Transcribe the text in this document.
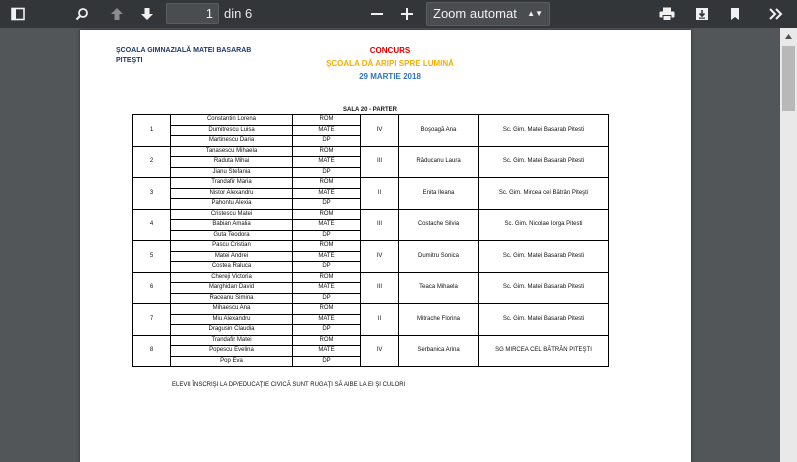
1 din 6	Zoom automat ▲▼
ŞCOALA GIMNAZIALĂ MATEI BASARAB
PITEŞTI
CONCURS
ŞCOALA DĂ ARIPI SPRE LUMINĂ
29 MARTIE 2018
SALA 20 - PARTER
1	Constantin Lorena	ROM	IV	Boşoagă Ana	Sc. Gim. Matei Basarab Pitesti
	Dumitrescu Luisa	MATE			
	Martinescu Daria	DP			
2	Tanasescu Mihaela	ROM	III	Răducanu Laura	Sc. Gim. Matei Basarab Pitesti
	Raduta Mihai	MATE			
	Jianu Stefania	DP			
3	Trandafir Maria	ROM	II	Enita Ileana	Sc. Gim. Mircea cel Bătrân Piteşti
	Nistor Alexandru	MATE			
	Pahontu Alexia	DP			
4	Cristescu Matei	ROM	III	Costache Silvia	Sc. Gim. Nicolae Iorga Pitesti
	Babian Amalia	MATE			
	Guta Teodora	DP			
5	Pascu Cristian	ROM	IV	Dumitru Sonica	Sc. Gim. Matei Basarab Pitesti
	Matei Andrei	MATE			
	Costea Raluca	DP			
6	Chereji Victoria	ROM	III	Teaca Mihaela	Sc. Gim. Matei Basarab Pitesti
	Marghidan David	MATE			
	Raceanu Simina	DP			
7	Mihaescu Ana	ROM	II	Mitrache Florina	Sc. Gim. Matei Basarab Pitesti
	Miu Alexandru	MATE			
	Dragusin Claudia	DP			
8	Trandafir Matei	ROM	IV	Serbanica Arina	SG MIRCEA CEL BĂTRÂN PITEŞTI
	Popescu Evelina	MATE			
	Pop Eva	DP			
ELEVII ÎNSCRIŞI LA DP/EDUCAŢIE CIVICĂ SUNT RUGAŢI SĂ AIBE LA EI ŞI CULORI
